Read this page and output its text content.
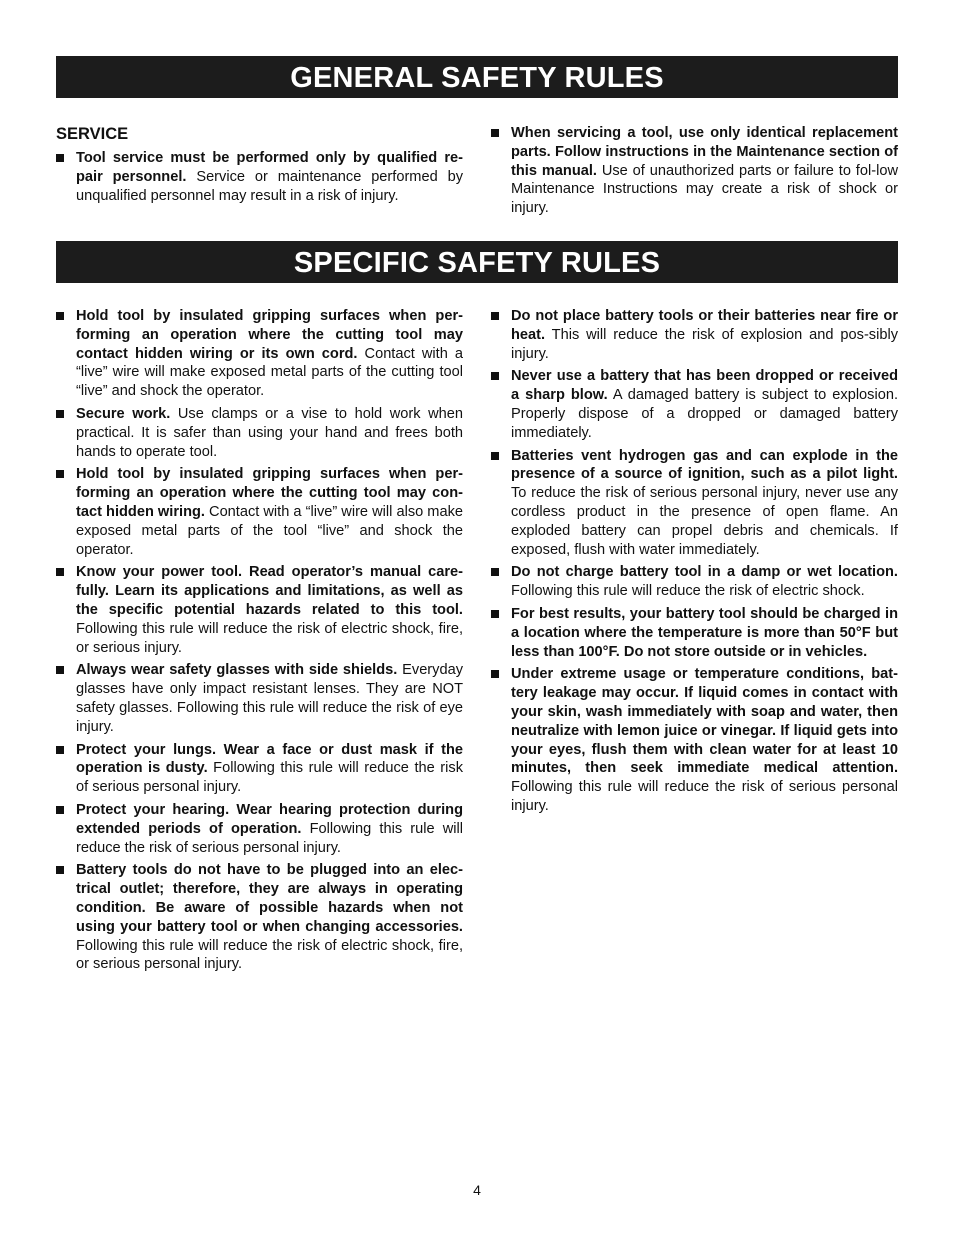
GENERAL SAFETY RULES
SERVICE
Tool service must be performed only by qualified re-pair personnel. Service or maintenance performed by unqualified personnel may result in a risk of injury.
When servicing a tool, use only identical replacement parts. Follow instructions in the Maintenance section of this manual. Use of unauthorized parts or failure to fol-low Maintenance Instructions may create a risk of shock or injury.
SPECIFIC SAFETY RULES
Hold tool by insulated gripping surfaces when per-forming an operation where the cutting tool may contact hidden wiring or its own cord. Contact with a “live” wire will make exposed metal parts of the cutting tool “live” and shock the operator.
Secure work. Use clamps or a vise to hold work when practical. It is safer than using your hand and frees both hands to operate tool.
Hold tool by insulated gripping surfaces when per-forming an operation where the cutting tool may con-tact hidden wiring. Contact with a “live” wire will also make exposed metal parts of the tool “live” and shock the operator.
Know your power tool. Read operator’s manual care-fully. Learn its applications and limitations, as well as the specific potential hazards related to this tool. Following this rule will reduce the risk of electric shock, fire, or serious injury.
Always wear safety glasses with side shields. Everyday glasses have only impact resistant lenses. They are NOT safety glasses. Following this rule will reduce the risk of eye injury.
Protect your lungs. Wear a face or dust mask if the operation is dusty. Following this rule will reduce the risk of serious personal injury.
Protect your hearing. Wear hearing protection during extended periods of operation. Following this rule will reduce the risk of serious personal injury.
Battery tools do not have to be plugged into an elec-trical outlet; therefore, they are always in operating condition. Be aware of possible hazards when not using your battery tool or when changing accessories. Following this rule will reduce the risk of electric shock, fire, or serious personal injury.
Do not place battery tools or their batteries near fire or heat. This will reduce the risk of explosion and pos-sibly injury.
Never use a battery that has been dropped or received a sharp blow. A damaged battery is subject to explosion. Properly dispose of a dropped or damaged battery immediately.
Batteries vent hydrogen gas and can explode in the presence of a source of ignition, such as a pilot light. To reduce the risk of serious personal injury, never use any cordless product in the presence of open flame. An exploded battery can propel debris and chemicals. If exposed, flush with water immediately.
Do not charge battery tool in a damp or wet location. Following this rule will reduce the risk of electric shock.
For best results, your battery tool should be charged in a location where the temperature is more than 50°F but less than 100°F. Do not store outside or in vehicles.
Under extreme usage or temperature conditions, bat-tery leakage may occur. If liquid comes in contact with your skin, wash immediately with soap and water, then neutralize with lemon juice or vinegar. If liquid gets into your eyes, flush them with clean water for at least 10 minutes, then seek immediate medical attention. Following this rule will reduce the risk of serious personal injury.
4
